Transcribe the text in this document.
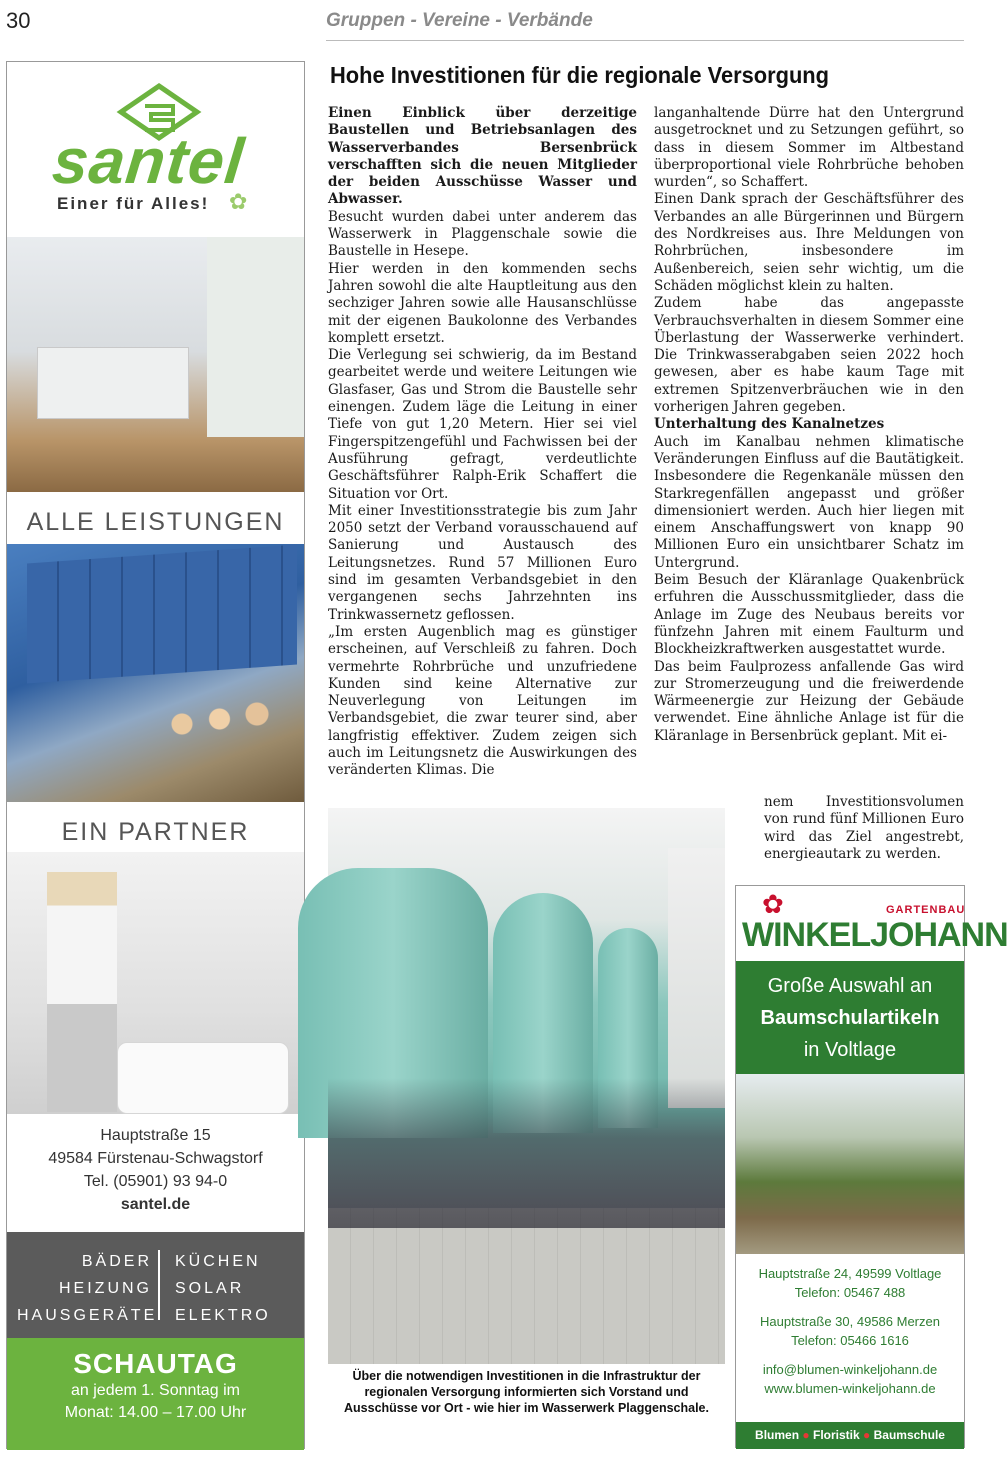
30	Gruppen - Vereine - Verbände
santel
Einer für Alles! ✿
ALLE LEISTUNGEN
EIN PARTNER
Hauptstraße 15
49584 Fürstenau-Schwagstorf
Tel. (05901) 93 94-0
santel.de
BÄDER
HEIZUNG
HAUSGERÄTE
KÜCHEN
SOLAR
ELEKTRO
SCHAUTAG
an jedem 1. Sonntag im
Monat: 14.00 – 17.00 Uhr
Hohe Investitionen für die regionale Versorgung

Einen Einblick über derzeitige Baustellen und Betriebsanlagen des Wasserverbandes Bersenbrück verschafften sich die neuen Mitglieder der beiden Ausschüsse Wasser und Abwasser.

Besucht wurden dabei unter anderem das Wasserwerk in Plaggenschale sowie die Baustelle in Hesepe.

Hier werden in den kommenden sechs Jahren sowohl die alte Hauptleitung aus den sechziger Jahren sowie alle Hausanschlüsse mit der eigenen Baukolonne des Verbandes komplett ersetzt.

Die Verlegung sei schwierig, da im Bestand gearbeitet werde und weitere Leitungen wie Glasfaser, Gas und Strom die Baustelle sehr einengen. Zudem läge die Leitung in einer Tiefe von gut 1,20 Metern. Hier sei viel Fingerspitzengefühl und Fachwissen bei der Ausführung gefragt, verdeutlichte Geschäftsführer Ralph-Erik Schaffert die Situation vor Ort.

Mit einer Investitionsstrategie bis zum Jahr 2050 setzt der Verband vorausschauend auf Sanierung und Austausch des Leitungsnetzes. Rund 57 Millionen Euro sind im gesamten Verbandsgebiet in den vergangenen sechs Jahrzehnten ins Trinkwassernetz geflossen.

„Im ersten Augenblich mag es günstiger erscheinen, auf Verschleiß zu fahren. Doch vermehrte Rohrbrüche und unzufriedene Kunden sind keine Alternative zur Neuverlegung von Leitungen im Verbandsgebiet, die zwar teurer sind, aber langfristig effektiver. Zudem zeigen sich auch im Leitungsnetz die Auswirkungen des veränderten Klimas. Die

langanhaltende Dürre hat den Untergrund ausgetrocknet und zu Setzungen geführt, so dass in diesem Sommer im Altbestand überproportional viele Rohrbrüche behoben wurden“, so Schaffert.

Einen Dank sprach der Geschäftsführer des Verbandes an alle Bürgerinnen und Bürgern des Nordkreises aus. Ihre Meldungen von Rohrbrüchen, insbesondere im Außenbereich, seien sehr wichtig, um die Schäden möglichst klein zu halten.

Zudem habe das angepasste Verbrauchsverhalten in diesem Sommer eine Überlastung der Wasserwerke verhindert. Die Trinkwasserabgaben seien 2022 hoch gewesen, aber es habe kaum Tage mit extremen Spitzenverbräuchen wie in den vorherigen Jahren gegeben.

Unterhaltung des Kanalnetzes

Auch im Kanalbau nehmen klimatische Veränderungen Einfluss auf die Bautätigkeit. Insbesondere die Regenkanäle müssen den Starkregenfällen angepasst und größer dimensioniert werden. Auch hier liegen mit einem Anschaffungswert von knapp 90 Millionen Euro ein unsichtbarer Schatz im Untergrund.

Beim Besuch der Kläranlage Quakenbrück erfuhren die Ausschussmitglieder, dass die Anlage im Zuge des Neubaus bereits vor fünfzehn Jahren mit einem Faulturm und Blockheizkraftwerken ausgestattet wurde.

Das beim Faulprozess anfallende Gas wird zur Stromerzeugung und die freiwerdende Wärmeenergie zur Heizung der Gebäude verwendet. Eine ähnliche Anlage ist für die Kläranlage in Bersenbrück geplant. Mit ei-

nem Investitionsvolumen von rund fünf Millionen Euro wird das Ziel angestrebt, energieautark zu werden.

Über die notwendigen Investitionen in die Infrastruktur der regionalen Versorgung informierten sich Vorstand und Ausschüsse vor Ort - wie hier im Wasserwerk Plaggenschale.
GARTENBAU
✿
WINKELJOHANN
Große Auswahl an
Baumschulartikeln
in Voltlage
Hauptstraße 24, 49599 Voltlage
Telefon: 05467 488
Hauptstraße 30, 49586 Merzen
Telefon: 05466 1616
info@blumen-winkeljohann.de
www.blumen-winkeljohann.de
Blumen ● Floristik ● Baumschule
